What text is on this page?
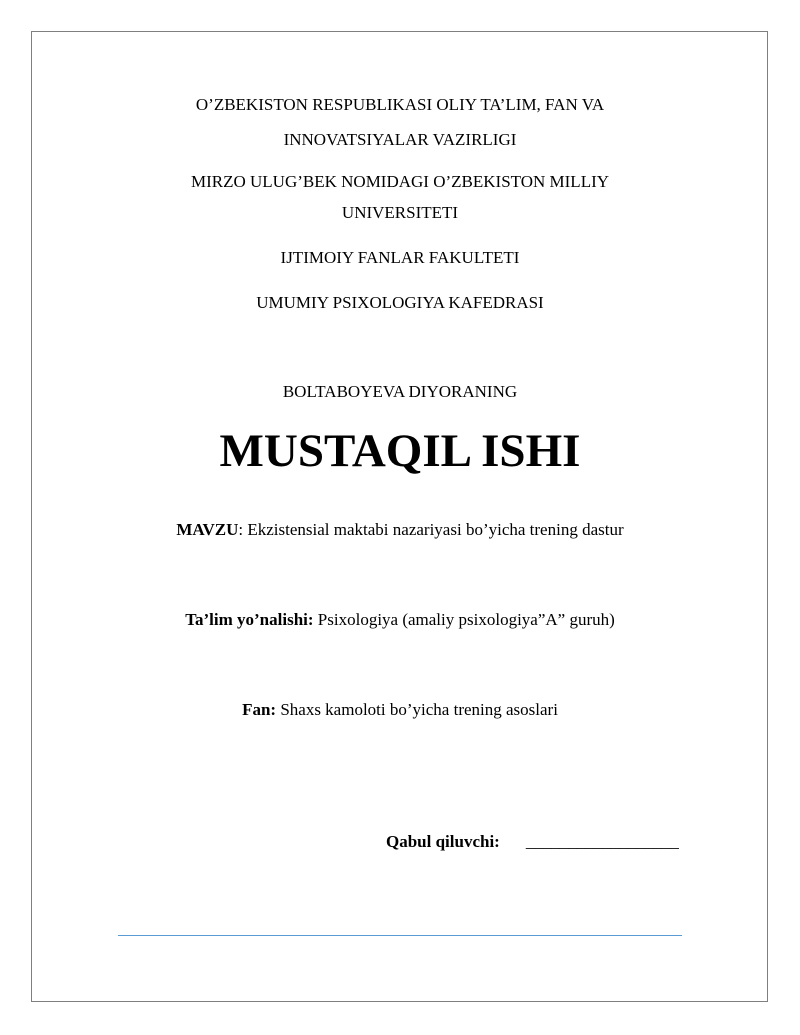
O’ZBEKISTON RESPUBLIKASI OLIY TA’LIM, FAN VA
INNOVATSIYALAR VAZIRLIGI
MIRZO ULUG’BEK NOMIDAGI O’ZBEKISTON MILLIY
UNIVERSITETI
IJTIMOIY FANLAR FAKULTETI
UMUMIY PSIXOLOGIYA KAFEDRASI
BOLTABOYEVA DIYORANING
MUSTAQIL ISHI
MAVZU: Ekzistensial maktabi nazariyasi bo’yicha trening dastur
Ta’lim yo’nalishi: Psixologiya (amaliy psixologiya”A” guruh)
Fan: Shaxs kamoloti bo’yicha trening asoslari
Qabul qiluvchi: __________________
